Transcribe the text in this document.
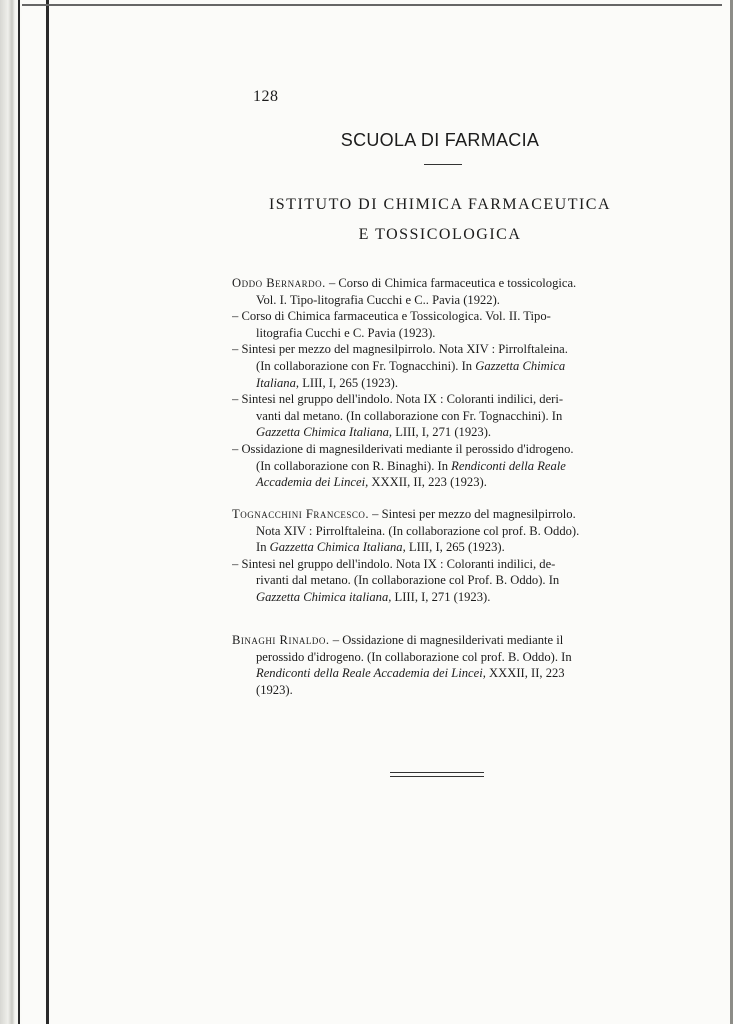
128
SCUOLA DI FARMACIA
ISTITUTO DI CHIMICA FARMACEUTICA
E TOSSICOLOGICA
Oddo Bernardo. – Corso di Chimica farmaceutica e tossicologica.
Vol. I. Tipo-litografia Cucchi e C.. Pavia (1922).
– Corso di Chimica farmaceutica e Tossicologica. Vol. II. Tipo-
litografia Cucchi e C. Pavia (1923).
– Sintesi per mezzo del magnesilpirrolo. Nota XIV : Pirrolftaleina.
(In collaborazione con Fr. Tognacchini). In Gazzetta Chimica
Italiana, LIII, I, 265 (1923).
– Sintesi nel gruppo dell'indolo. Nota IX : Coloranti indilici, deri-
vanti dal metano. (In collaborazione con Fr. Tognacchini). In
Gazzetta Chimica Italiana, LIII, I, 271 (1923).
– Ossidazione di magnesilderivati mediante il perossido d'idrogeno.
(In collaborazione con R. Binaghi). In Rendiconti della Reale
Accademia dei Lincei, XXXII, II, 223 (1923).
Tognacchini Francesco. – Sintesi per mezzo del magnesilpirrolo.
Nota XIV : Pirrolftaleina. (In collaborazione col prof. B. Oddo).
In Gazzetta Chimica Italiana, LIII, I, 265 (1923).
– Sintesi nel gruppo dell'indolo. Nota IX : Coloranti indilici, de-
rivanti dal metano. (In collaborazione col Prof. B. Oddo). In
Gazzetta Chimica italiana, LIII, I, 271 (1923).
Binaghi Rinaldo. – Ossidazione di magnesilderivati mediante il
perossido d'idrogeno. (In collaborazione col prof. B. Oddo). In
Rendiconti della Reale Accademia dei Lincei, XXXII, II, 223
(1923).
